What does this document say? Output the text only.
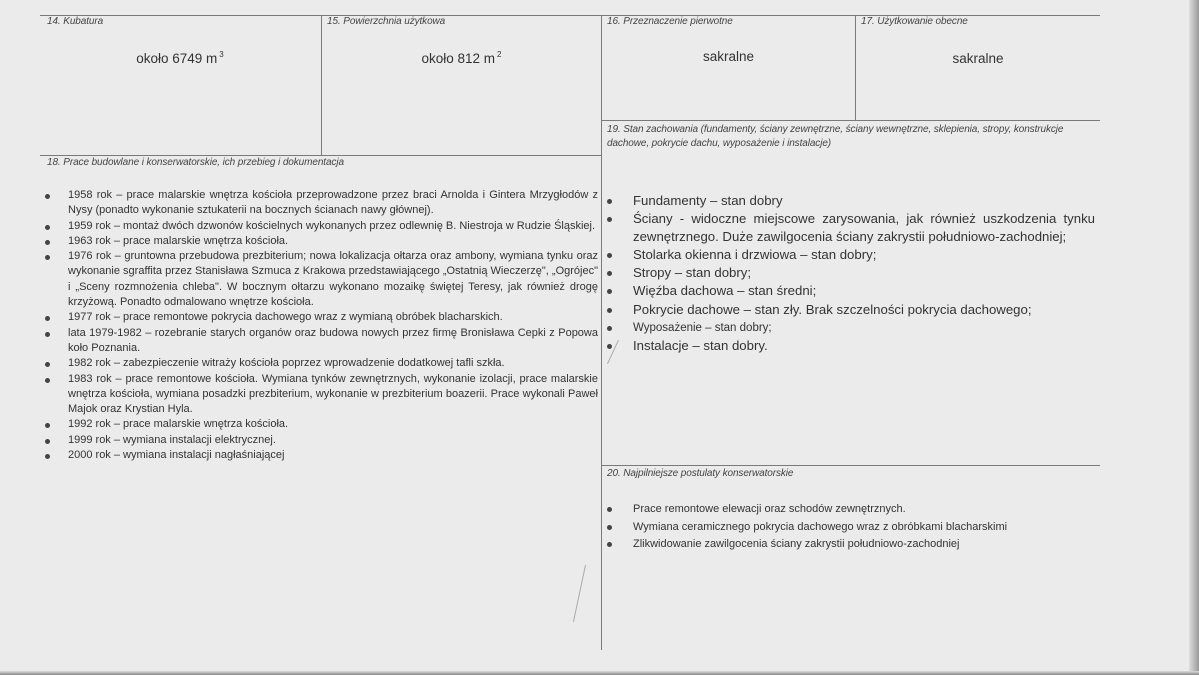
14. Kubatura
około 6749 m $^3$
15. Powierzchnia użytkowa
około 812 m $^2$
16. Przeznaczenie pierwotne
sakralne
17. Użytkowanie obecne
sakralne
18. Prace budowlane i konserwatorskie, ich przebieg i dokumentacja
1958 rok – prace malarskie wnętrza kościoła przeprowadzone przez braci Arnolda i Gintera Mrzygłodów z Nysy (ponadto wykonanie sztukaterii na bocznych ścianach nawy głównej).
1959 rok – montaż dwóch dzwonów kościelnych wykonanych przez odlewnię B. Niestroja w Rudzie Śląskiej.
1963 rok – prace malarskie wnętrza kościoła.
1976 rok – gruntowna przebudowa prezbiterium; nowa lokalizacja ołtarza oraz ambony, wymiana tynku oraz wykonanie sgraffita przez Stanisława Szmuca z Krakowa przedstawiającego „Ostatnią Wieczerzę", „Ogrójec" i „Sceny rozmnożenia chleba". W bocznym ołtarzu wykonano mozaikę świętej Teresy, jak również drogę krzyżową. Ponadto odmalowano wnętrze kościoła.
1977 rok – prace remontowe pokrycia dachowego wraz z wymianą obróbek blacharskich.
lata 1979-1982 – rozebranie starych organów oraz budowa nowych przez firmę Bronisława Cepki z Popowa koło Poznania.
1982 rok – zabezpieczenie witraży kościoła poprzez wprowadzenie dodatkowej tafli szkła.
1983 rok – prace remontowe kościoła. Wymiana tynków zewnętrznych, wykonanie izolacji, prace malarskie wnętrza kościoła, wymiana posadzki prezbiterium, wykonanie w prezbiterium boazerii. Prace wykonali Paweł Majok oraz Krystian Hyla.
1992 rok – prace malarskie wnętrza kościoła.
1999 rok – wymiana instalacji elektrycznej.
2000 rok – wymiana instalacji nagłaśniającej
19. Stan zachowania (fundamenty, ściany zewnętrzne, ściany wewnętrzne, sklepienia, stropy, konstrukcje dachowe, pokrycie dachu, wyposażenie i instalacje)
Fundamenty – stan dobry
Ściany - widoczne miejscowe zarysowania, jak również uszkodzenia tynku zewnętrznego. Duże zawilgocenia ściany zakrystii południowo-zachodniej;
Stolarka okienna i drzwiowa – stan dobry;
Stropy – stan dobry;
Więźba dachowa – stan średni;
Pokrycie dachowe – stan zły. Brak szczelności pokrycia dachowego;
Wyposażenie – stan dobry;
Instalacje – stan dobry.
20. Najpilniejsze postulaty konserwatorskie
Prace remontowe elewacji oraz schodów zewnętrznych.
Wymiana ceramicznego pokrycia dachowego wraz z obróbkami blacharskimi
Zlikwidowanie zawilgocenia ściany zakrystii południowo-zachodniej
